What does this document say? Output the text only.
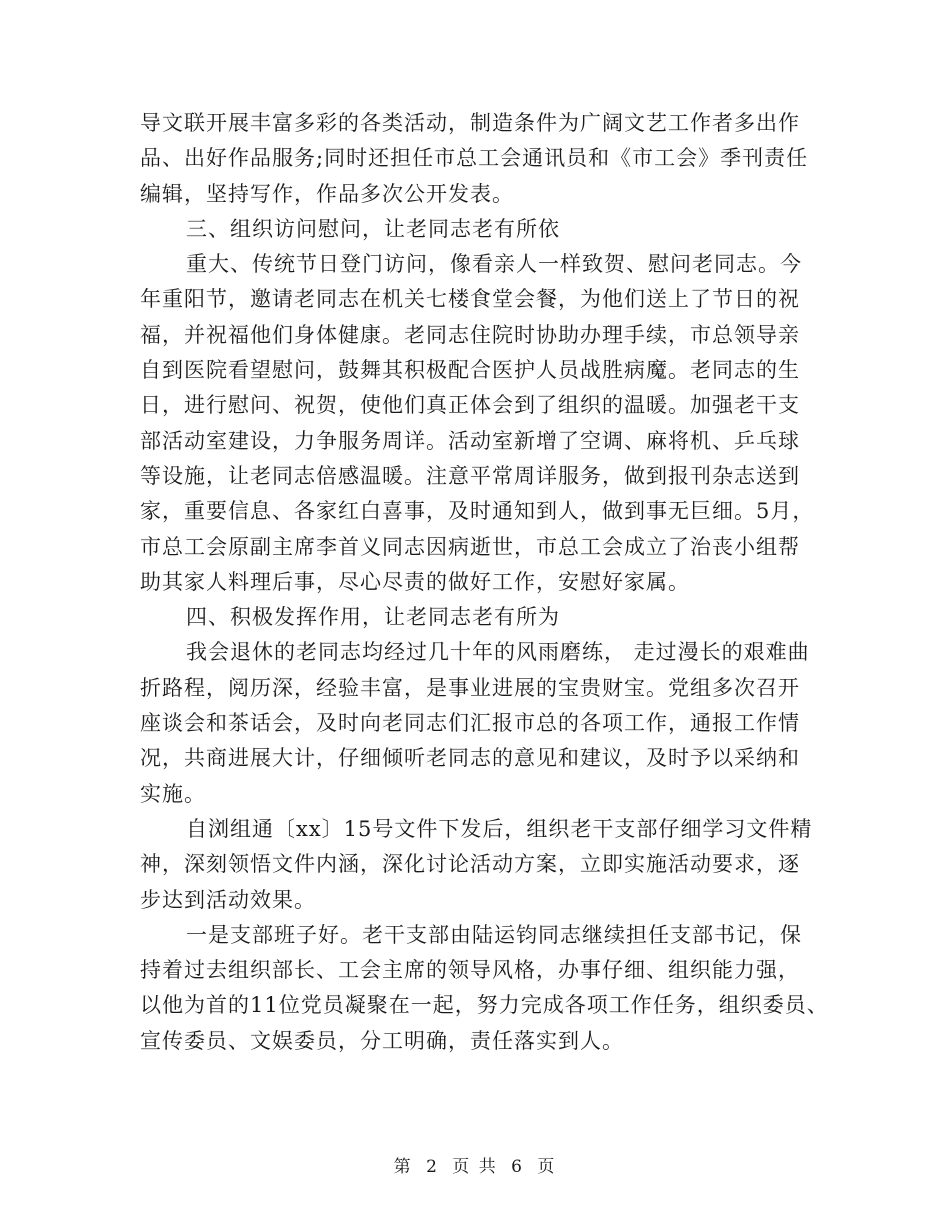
导文联开展丰富多彩的各类活动，制造条件为广阔文艺工作者多出作
品、出好作品服务;同时还担任市总工会通讯员和《市工会》季刊责任
编辑，坚持写作，作品多次公开发表。
三、组织访问慰问，让老同志老有所依
重大、传统节日登门访问，像看亲人一样致贺、慰问老同志。今
年重阳节，邀请老同志在机关七楼食堂会餐，为他们送上了节日的祝
福，并祝福他们身体健康。老同志住院时协助办理手续，市总领导亲
自到医院看望慰问，鼓舞其积极配合医护人员战胜病魔。老同志的生
日，进行慰问、祝贺，使他们真正体会到了组织的温暖。加强老干支
部活动室建设，力争服务周详。活动室新增了空调、麻将机、乒乓球
等设施，让老同志倍感温暖。注意平常周详服务，做到报刊杂志送到
家，重要信息、各家红白喜事，及时通知到人，做到事无巨细。5月，
市总工会原副主席李首义同志因病逝世，市总工会成立了治丧小组帮
助其家人料理后事，尽心尽责的做好工作，安慰好家属。
四、积极发挥作用，让老同志老有所为
我会退休的老同志均经过几十年的风雨磨练， 走过漫长的艰难曲
折路程，阅历深，经验丰富，是事业进展的宝贵财宝。党组多次召开
座谈会和茶话会，及时向老同志们汇报市总的各项工作，通报工作情
况，共商进展大计，仔细倾听老同志的意见和建议，及时予以采纳和
实施。
自浏组通〔xx〕15号文件下发后，组织老干支部仔细学习文件精
神，深刻领悟文件内涵，深化讨论活动方案，立即实施活动要求，逐
步达到活动效果。
一是支部班子好。老干支部由陆运钧同志继续担任支部书记，保
持着过去组织部长、工会主席的领导风格，办事仔细、组织能力强，
以他为首的11位党员凝聚在一起，努力完成各项工作任务，组织委员、
宣传委员、文娱委员，分工明确，责任落实到人。
第 2 页 共 6 页
